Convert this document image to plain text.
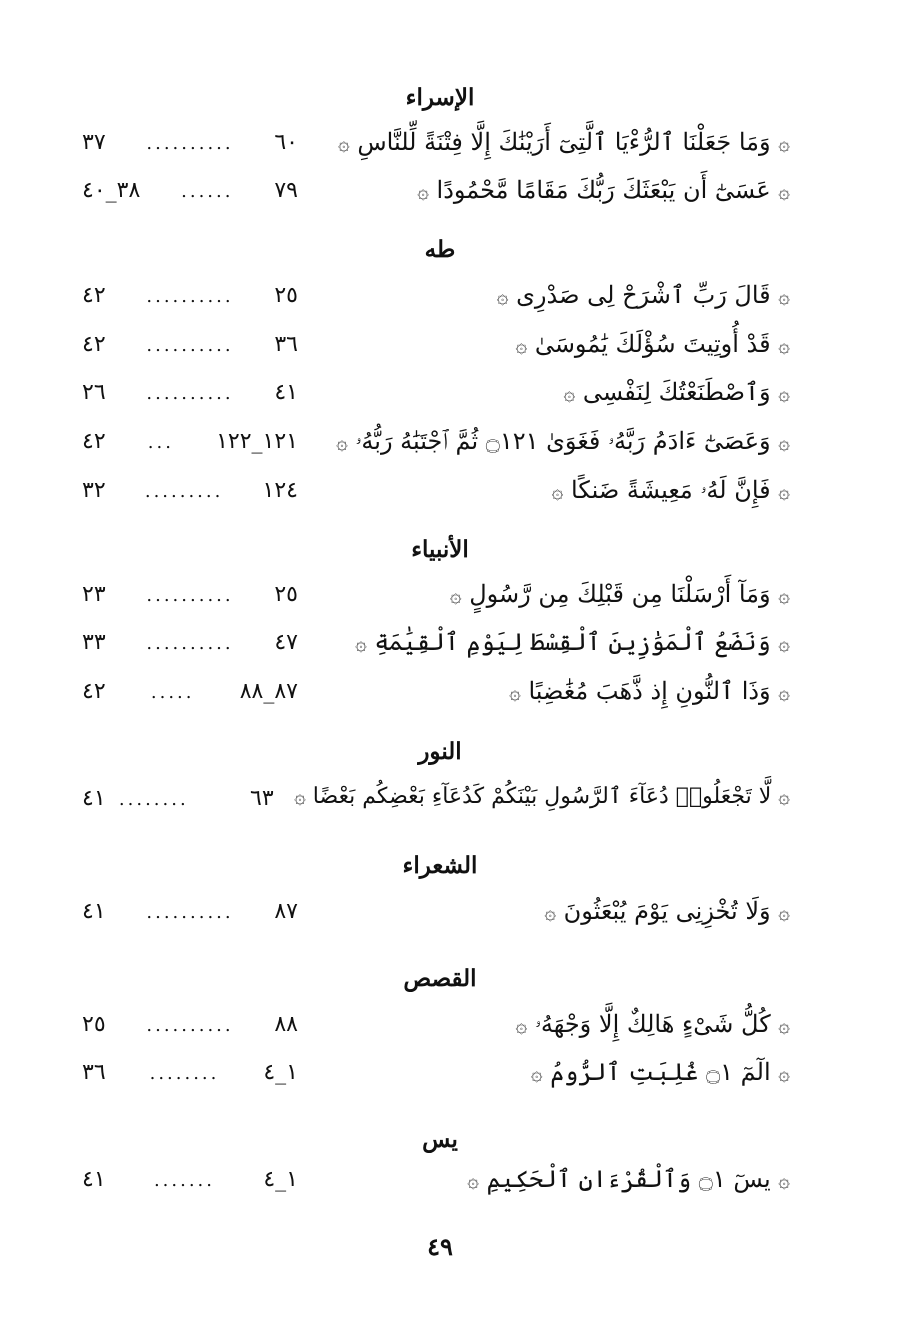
الإسراء
۞ وَمَا جَعَلْنَا ٱلرُّءْيَا ٱلَّتِىٓ أَرَيْنَٰكَ إِلَّا فِتْنَةً لِّلنَّاسِ ۞
٣٧	..........	٦٠
۞ عَسَىٰٓ أَن يَبْعَثَكَ رَبُّكَ مَقَامًا مَّحْمُودًا ۞
٣٨_٤٠	......	٧٩
طه
۞ قَالَ رَبِّ ٱشْرَحْ لِى صَدْرِى ۞
٤٢	..........	٢٥
۞ قَدْ أُوتِيتَ سُؤْلَكَ يَٰمُوسَىٰ ۞
٤٢	..........	٣٦
۞ وَٱصْطَنَعْتُكَ لِنَفْسِى ۞
٢٦	..........	٤١
۞ وَعَصَىٰٓ ءَادَمُ رَبَّهُۥ فَغَوَىٰ ۝١٢١ ثُمَّ ٱجْتَبَٰهُ رَبُّهُۥ ۞
٤٢	...	١٢١_١٢٢
۞ فَإِنَّ لَهُۥ مَعِيشَةً ضَنكًا ۞
٣٢	.........	١٢٤
الأنبياء
۞ وَمَآ أَرْسَلْنَا مِن قَبْلِكَ مِن رَّسُولٍ ۞
٢٣	..........	٢٥
۞ وَنَضَعُ ٱلْمَوَٰزِينَ ٱلْقِسْطَ لِيَوْمِ ٱلْقِيَٰمَةِ ۞
٣٣	..........	٤٧
۞ وَذَا ٱلنُّونِ إِذ ذَّهَبَ مُغَٰضِبًا ۞
٤٢	.....	٨٧_٨٨
النور
۞ لَّا تَجْعَلُوا۟ دُعَآءَ ٱلرَّسُولِ بَيْنَكُمْ كَدُعَآءِ بَعْضِكُم بَعْضًا ۞
٤١ ........	٦٣
الشعراء
۞ وَلَا تُخْزِنِى يَوْمَ يُبْعَثُونَ ۞
٤١	..........	٨٧
القصص
۞ كُلُّ شَىْءٍ هَالِكٌ إِلَّا وَجْهَهُۥ ۞
٢٥	..........	٨٨
۞ الٓمٓ ۝١ غُلِبَتِ ٱلرُّومُ ۞
٣٦	........	١_٤
يس
۞ يسٓ ۝١ وَٱلْقُرْءَانِ ٱلْحَكِيمِ ۞
٤١	.......	١_٤
٤٩
